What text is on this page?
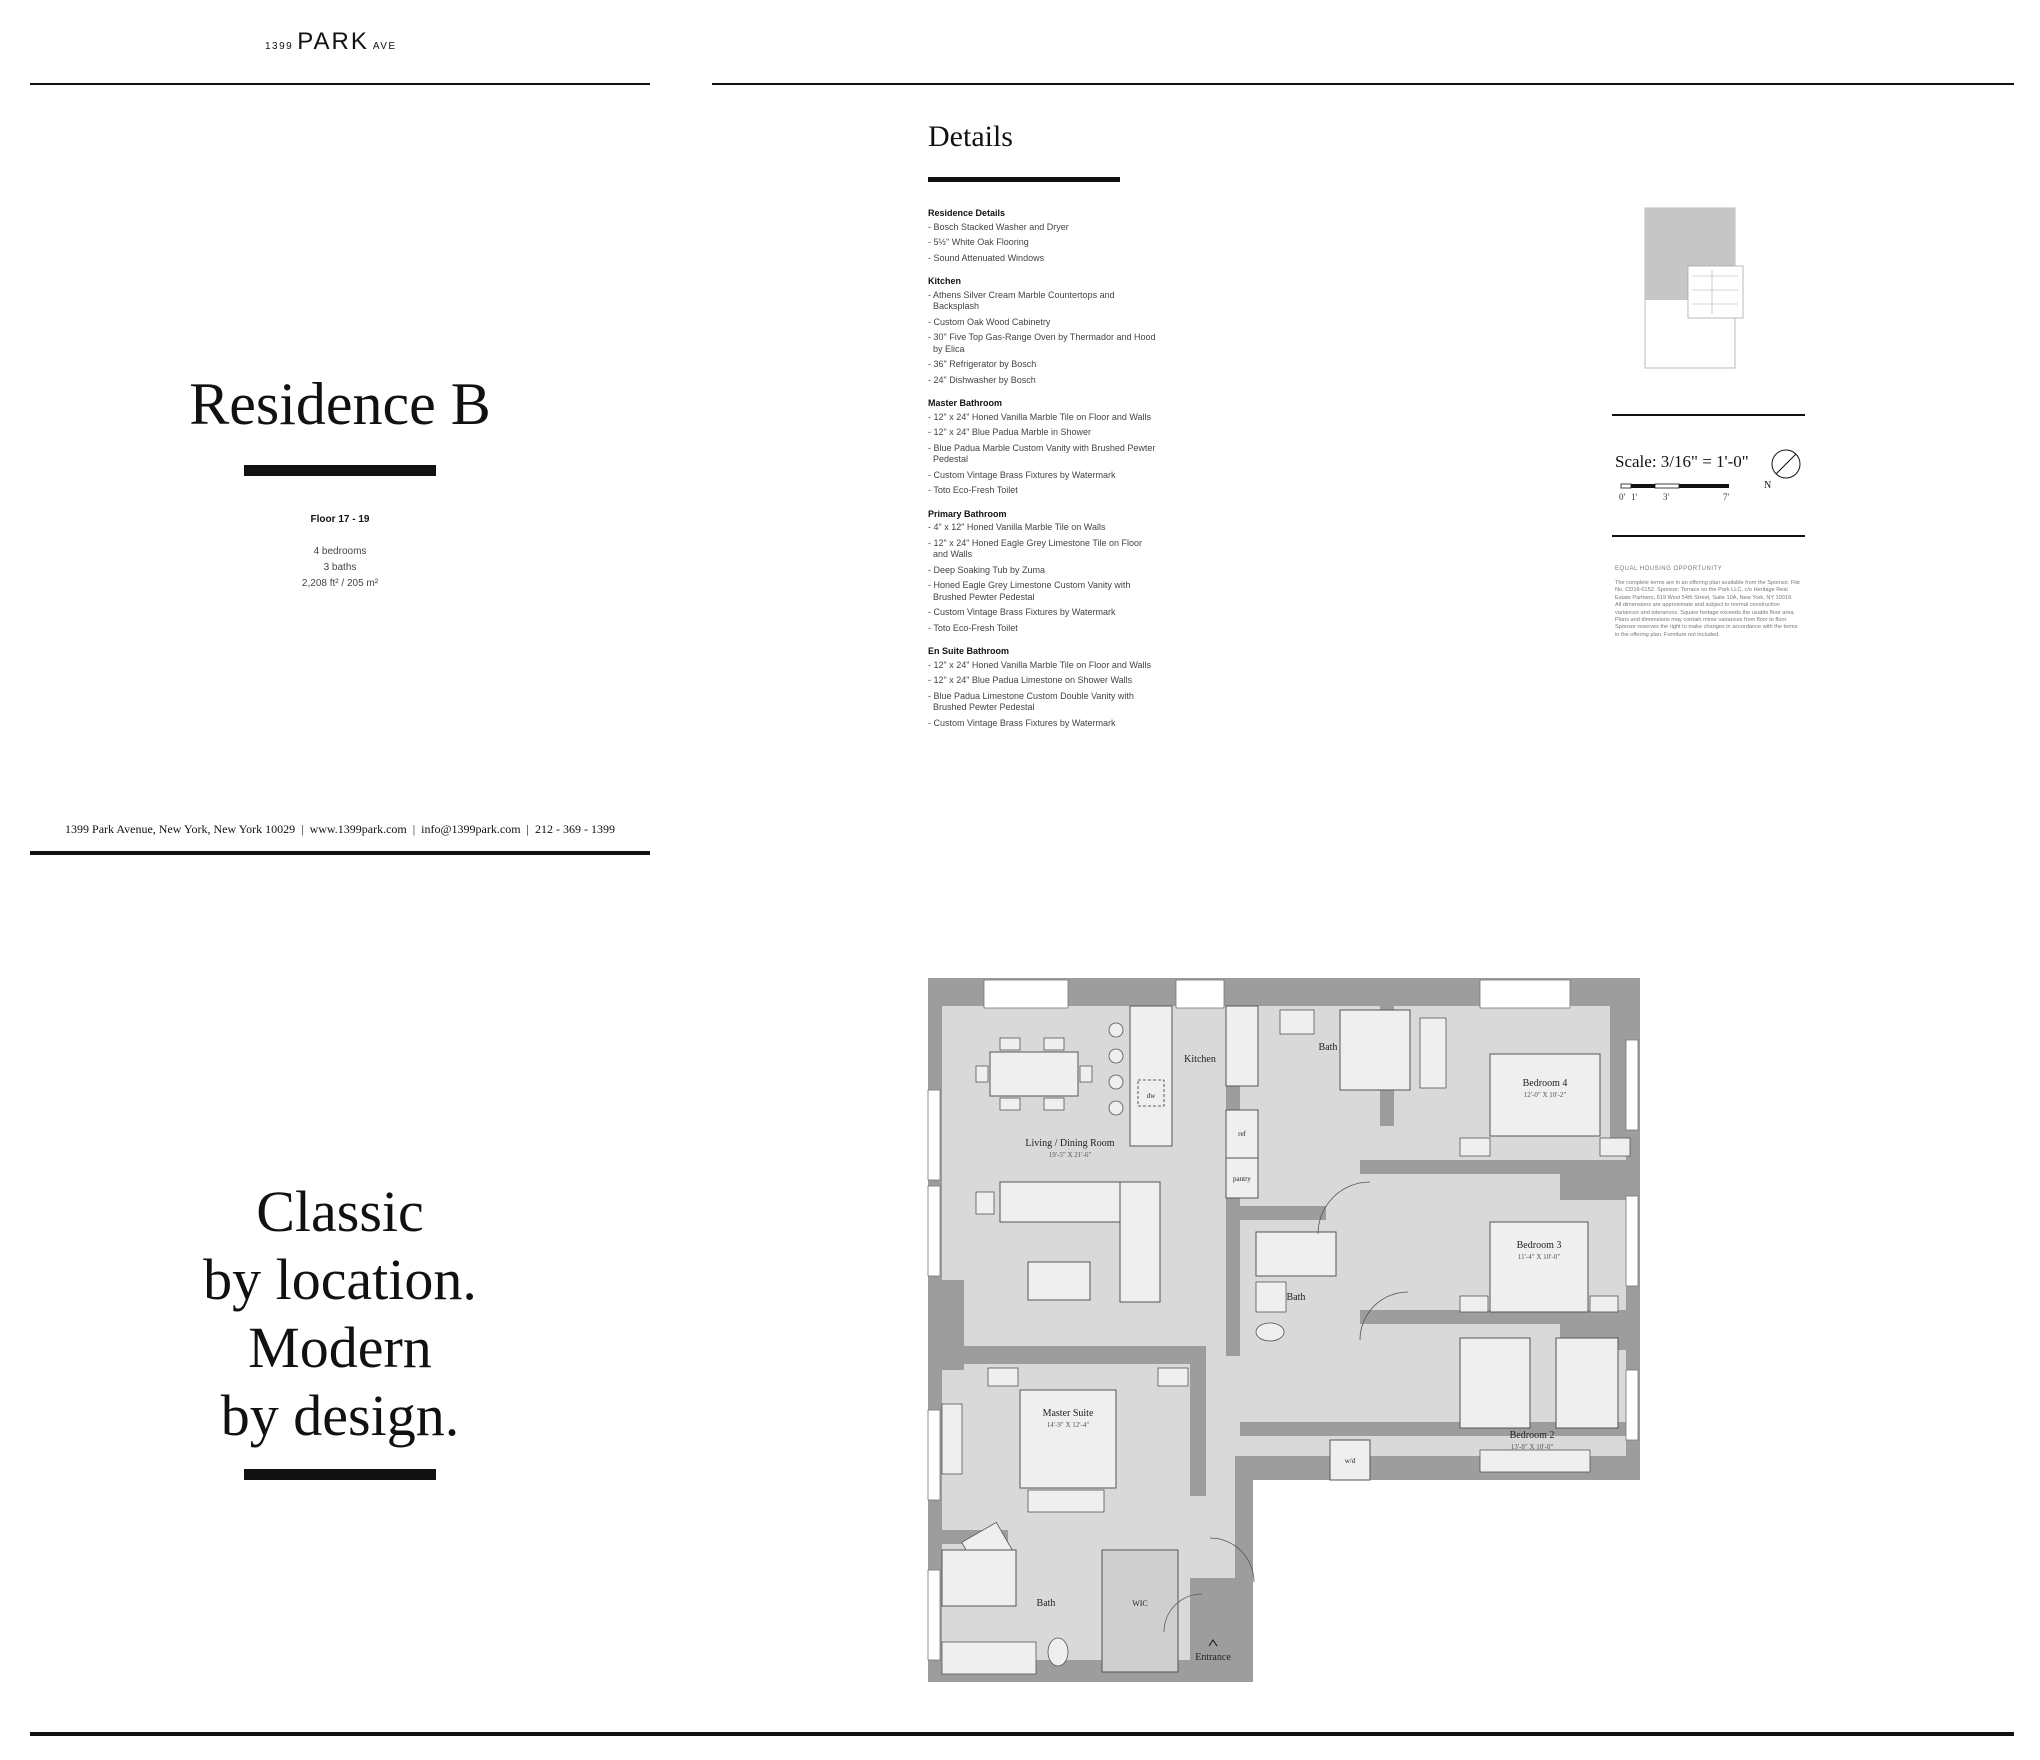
1399 PARK AVE
Residence B
Floor 17 - 19
4 bedrooms
3 baths
2,208 ft² / 205 m²
1399 Park Avenue, New York, New York 10029 | www.1399park.com | info@1399park.com | 212 - 369 - 1399
Classic
by location.
Modern
by design.
Details
Residence Details
- Bosch Stacked Washer and Dryer
- 5½" White Oak Flooring
- Sound Attenuated Windows
Kitchen
- Athens Silver Cream Marble Countertops and Backsplash
- Custom Oak Wood Cabinetry
- 30" Five Top Gas-Range Oven by Thermador and Hood by Elica
- 36" Refrigerator by Bosch
- 24" Dishwasher by Bosch
Master Bathroom
- 12" x 24" Honed Vanilla Marble Tile on Floor and Walls
- 12" x 24" Blue Padua Marble in Shower
- Blue Padua Marble Custom Vanity with Brushed Pewter Pedestal
- Custom Vintage Brass Fixtures by Watermark
- Toto Eco-Fresh Toilet
Primary Bathroom
- 4" x 12" Honed Vanilla Marble Tile on Walls
- 12" x 24" Honed Eagle Grey Limestone Tile on Floor and Walls
- Deep Soaking Tub by Zuma
- Honed Eagle Grey Limestone Custom Vanity with Brushed Pewter Pedestal
- Custom Vintage Brass Fixtures by Watermark
- Toto Eco-Fresh Toilet
En Suite Bathroom
- 12" x 24" Honed Vanilla Marble Tile on Floor and Walls
- 12" x 24" Blue Padua Limestone on Shower Walls
- Blue Padua Limestone Custom Double Vanity with Brushed Pewter Pedestal
- Custom Vintage Brass Fixtures by Watermark
Scale: 3/16" = 1'-0"
0' 1'	3'	7'
N
EQUAL HOUSING OPPORTUNITY
The complete terms are in an offering plan available from the Sponsor. File No. CD16-0152. Sponsor: Terrace on the Park LLC, c/o Heritage Real Estate Partners, 619 West 54th Street, Suite 10A, New York, NY 10019. All dimensions are approximate and subject to normal construction variances and tolerances. Square footage exceeds the usable floor area. Plans and dimensions may contain minor variances from floor to floor. Sponsor reserves the right to make changes in accordance with the terms in the offering plan. Furniture not included.
Kitchen
dw
ref
pantry
Living / Dining Room
19'-5" X 21'-6"
Bath
Bedroom 4
12'-0" X 10'-2"
Bedroom 3
11'-4" X 10'-0"
Bath
Master Suite
14'-9" X 12'-4"
w/d
Bedroom 2
13'-8" X 10'-0"
Bath	WIC
Entrance
